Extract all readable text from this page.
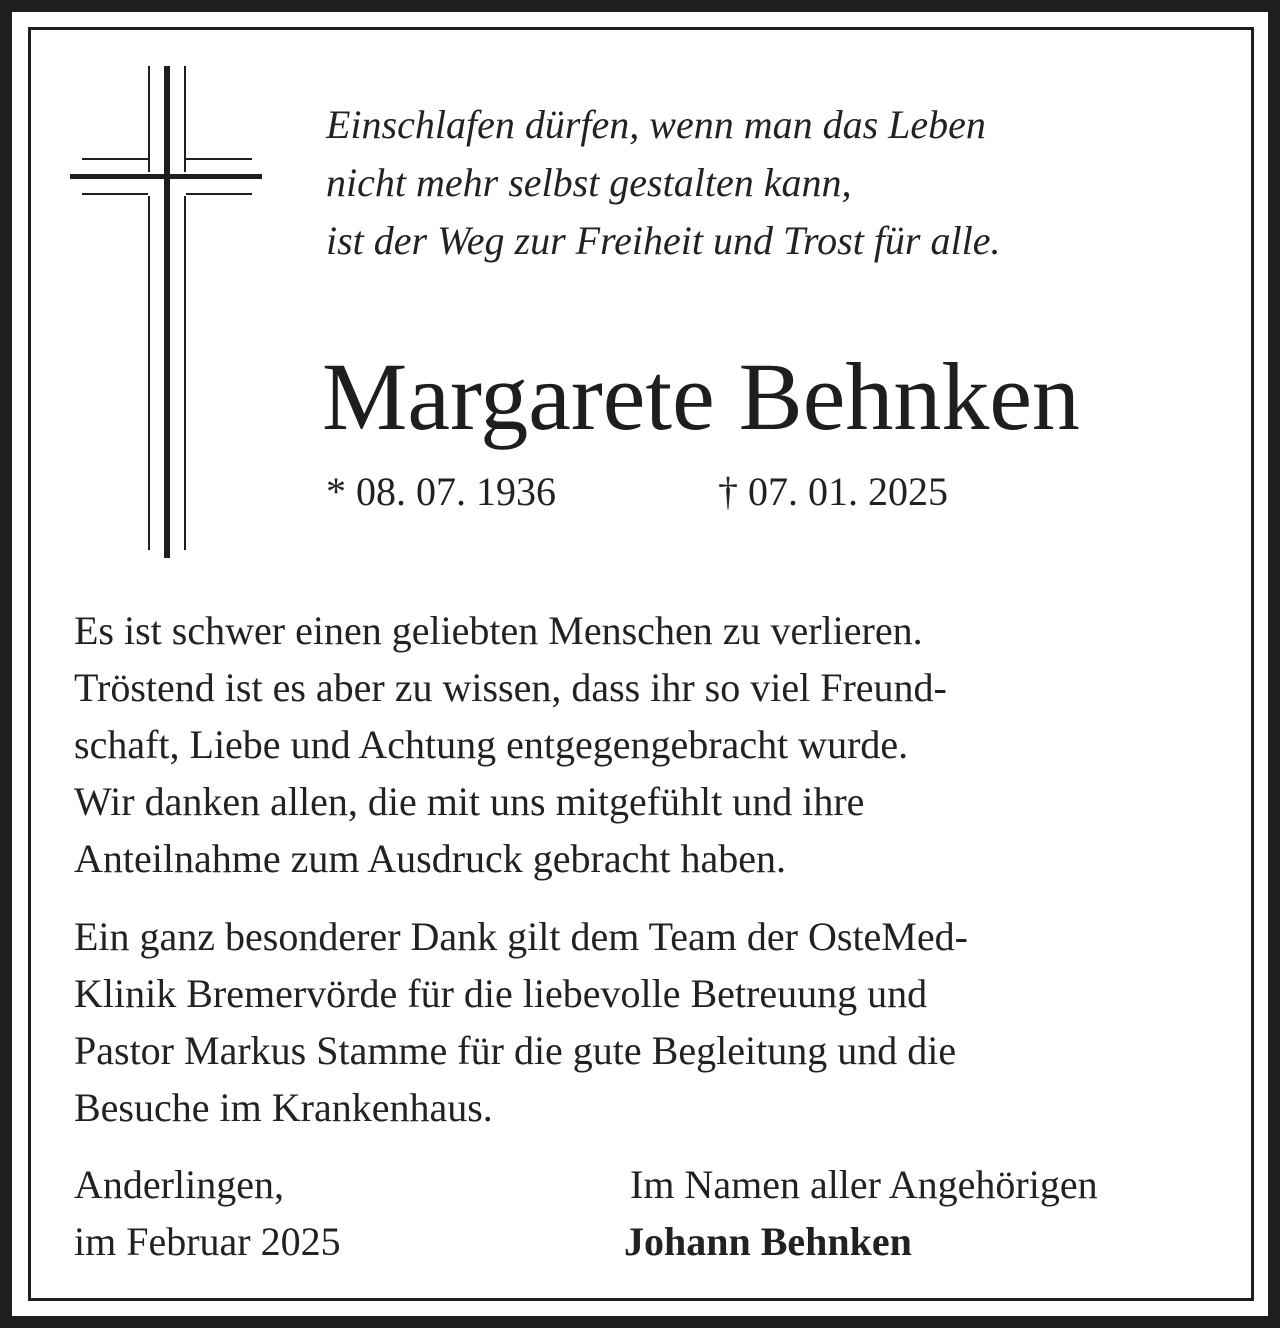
Einschlafen dürfen, wenn man das Leben
nicht mehr selbst gestalten kann,
ist der Weg zur Freiheit und Trost für alle.

Margarete Behnken
* 08. 07. 1936	† 07. 01. 2025

Es ist schwer einen geliebten Menschen zu verlieren.
Tröstend ist es aber zu wissen, dass ihr so viel Freund-
schaft, Liebe und Achtung entgegengebracht wurde.
Wir danken allen, die mit uns mitgefühlt und ihre
Anteilnahme zum Ausdruck gebracht haben.

Ein ganz besonderer Dank gilt dem Team der OsteMed-
Klinik Bremervörde für die liebevolle Betreuung und
Pastor Markus Stamme für die gute Begleitung und die
Besuche im Krankenhaus.

Anderlingen,
im Februar 2025
Im Namen aller Angehörigen
Johann Behnken
